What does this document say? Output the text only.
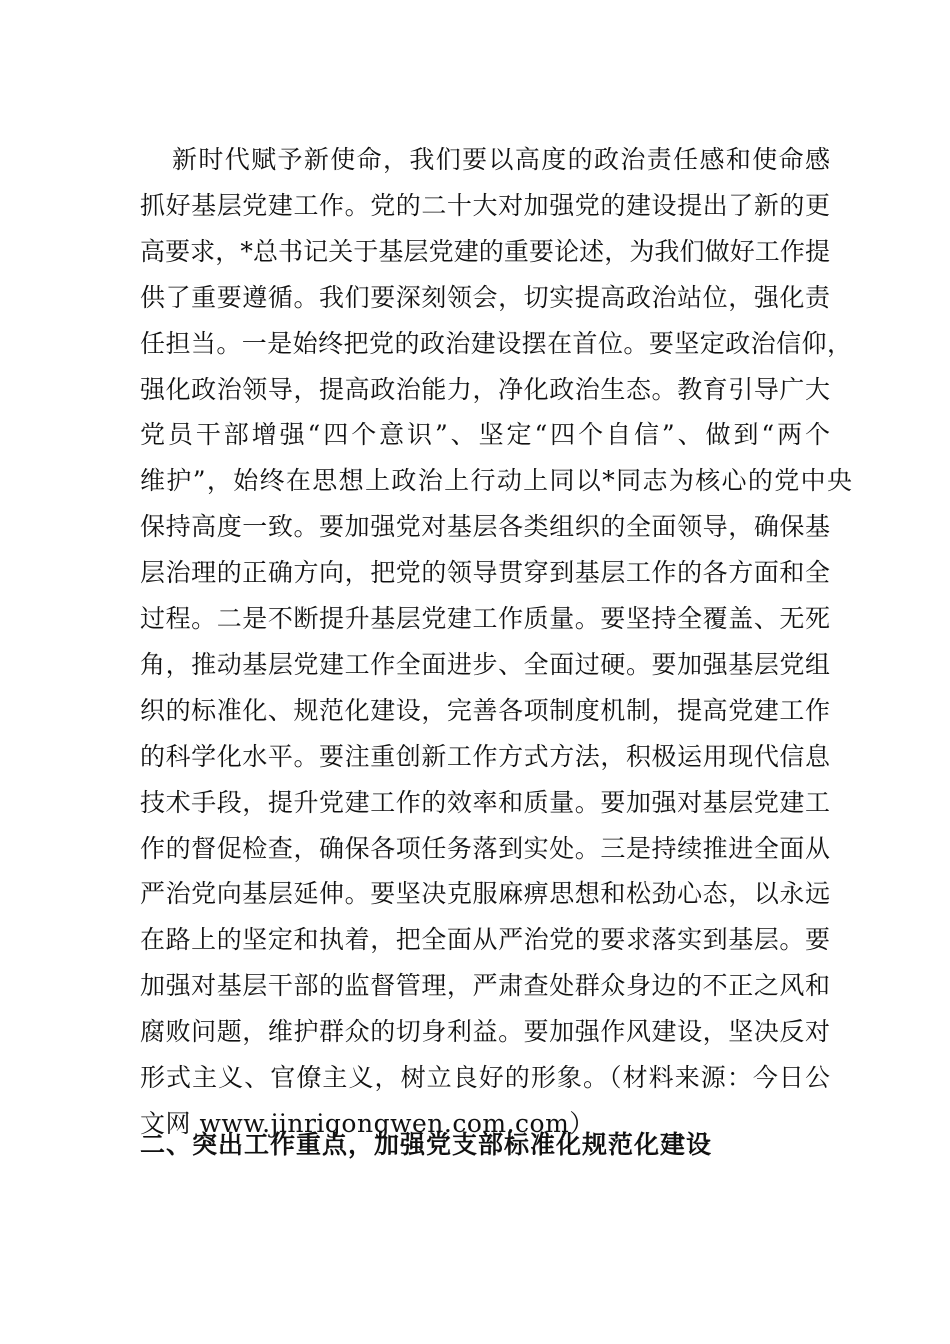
新时代赋予新使命，我们要以高度的政治责任感和使命感
抓好基层党建工作。党的二十大对加强党的建设提出了新的更
高要求，*总书记关于基层党建的重要论述，为我们做好工作提
供了重要遵循。我们要深刻领会，切实提高政治站位，强化责
任担当。一是始终把党的政治建设摆在首位。要坚定政治信仰，
强化政治领导，提高政治能力，净化政治生态。教育引导广大
党员干部增强“四个意识”、坚定“四个自信”、做到“两个
维护”，始终在思想上政治上行动上同以*同志为核心的党中央
保持高度一致。要加强党对基层各类组织的全面领导，确保基
层治理的正确方向，把党的领导贯穿到基层工作的各方面和全
过程。二是不断提升基层党建工作质量。要坚持全覆盖、无死
角，推动基层党建工作全面进步、全面过硬。要加强基层党组
织的标准化、规范化建设，完善各项制度机制，提高党建工作
的科学化水平。要注重创新工作方式方法，积极运用现代信息
技术手段，提升党建工作的效率和质量。要加强对基层党建工
作的督促检查，确保各项任务落到实处。三是持续推进全面从
严治党向基层延伸。要坚决克服麻痹思想和松劲心态，以永远
在路上的坚定和执着，把全面从严治党的要求落实到基层。要
加强对基层干部的监督管理，严肃查处群众身边的不正之风和
腐败问题，维护群众的切身利益。要加强作风建设，坚决反对
形式主义、官僚主义，树立良好的形象。（材料来源：今日公
文网 www.jinrigongwen.com.com）
二、突出工作重点，加强党支部标准化规范化建设
